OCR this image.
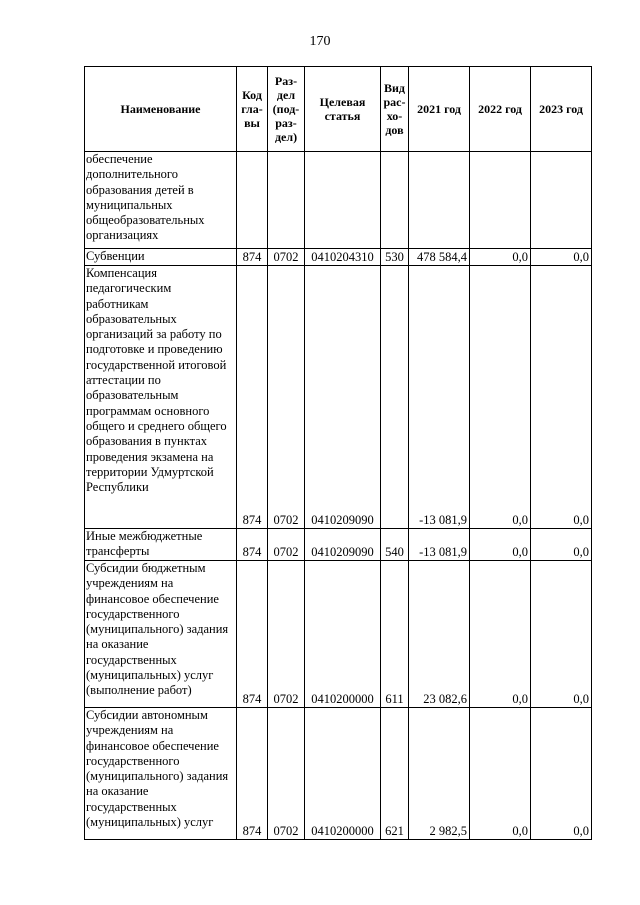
170
Наименование	Код
гла-
вы	Раз-
дел
(под-
раз-
дел)	Целевая
статья	Вид
рас-
хо-
дов	2021 год	2022 год	2023 год
обеспечение дополнительного образования детей в муниципальных общеобразовательных организациях							
Субвенции	874	0702	0410204310	530	478 584,4	0,0	0,0
Компенсация педагогическим работникам образовательных организаций за работу по подготовке и проведению государственной итоговой аттестации по образовательным программам основного общего и среднего общего образования в пунктах проведения экзамена на территории Удмуртской Республики	874	0702	0410209090		-13 081,9	0,0	0,0
Иные межбюджетные трансферты	874	0702	0410209090	540	-13 081,9	0,0	0,0
Субсидии бюджетным учреждениям на финансовое обеспечение государственного (муниципального) задания на оказание государственных (муниципальных) услуг (выполнение работ)	874	0702	0410200000	611	23 082,6	0,0	0,0
Субсидии автономным учреждениям на финансовое обеспечение государственного (муниципального) задания на оказание государственных (муниципальных) услуг	874	0702	0410200000	621	2 982,5	0,0	0,0
